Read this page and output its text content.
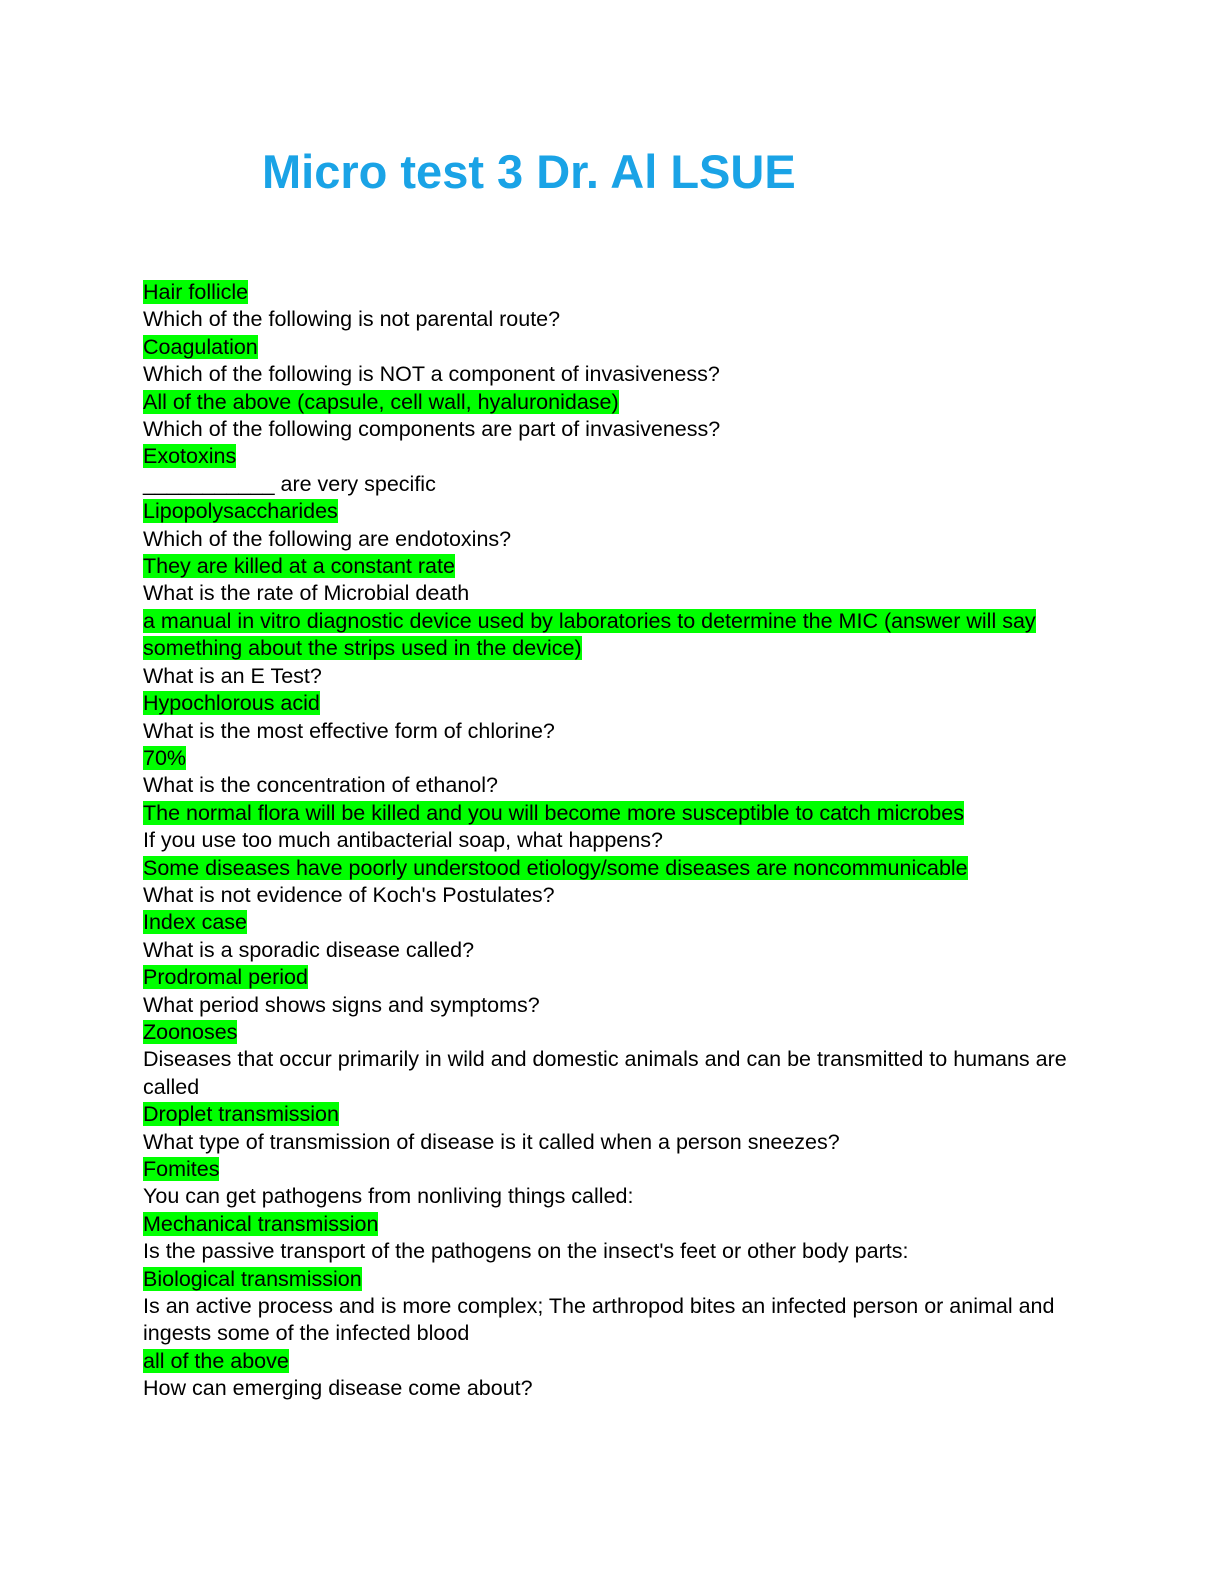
Micro test 3 Dr. Al LSUE
Hair follicle
Which of the following is not parental route?
Coagulation
Which of the following is NOT a component of invasiveness?
All of the above (capsule, cell wall, hyaluronidase)
Which of the following components are part of invasiveness?
Exotoxins
___________ are very specific
Lipopolysaccharides
Which of the following are endotoxins?
They are killed at a constant rate
What is the rate of Microbial death
a manual in vitro diagnostic device used by laboratories to determine the MIC (answer will say something about the strips used in the device)
What is an E Test?
Hypochlorous acid
What is the most effective form of chlorine?
70%
What is the concentration of ethanol?
The normal flora will be killed and you will become more susceptible to catch microbes
If you use too much antibacterial soap, what happens?
Some diseases have poorly understood etiology/some diseases are noncommunicable
What is not evidence of Koch's Postulates?
Index case
What is a sporadic disease called?
Prodromal period
What period shows signs and symptoms?
Zoonoses
Diseases that occur primarily in wild and domestic animals and can be transmitted to humans are called
Droplet transmission
What type of transmission of disease is it called when a person sneezes?
Fomites
You can get pathogens from nonliving things called:
Mechanical transmission
Is the passive transport of the pathogens on the insect's feet or other body parts:
Biological transmission
Is an active process and is more complex; The arthropod bites an infected person or animal and ingests some of the infected blood
all of the above
How can emerging disease come about?
